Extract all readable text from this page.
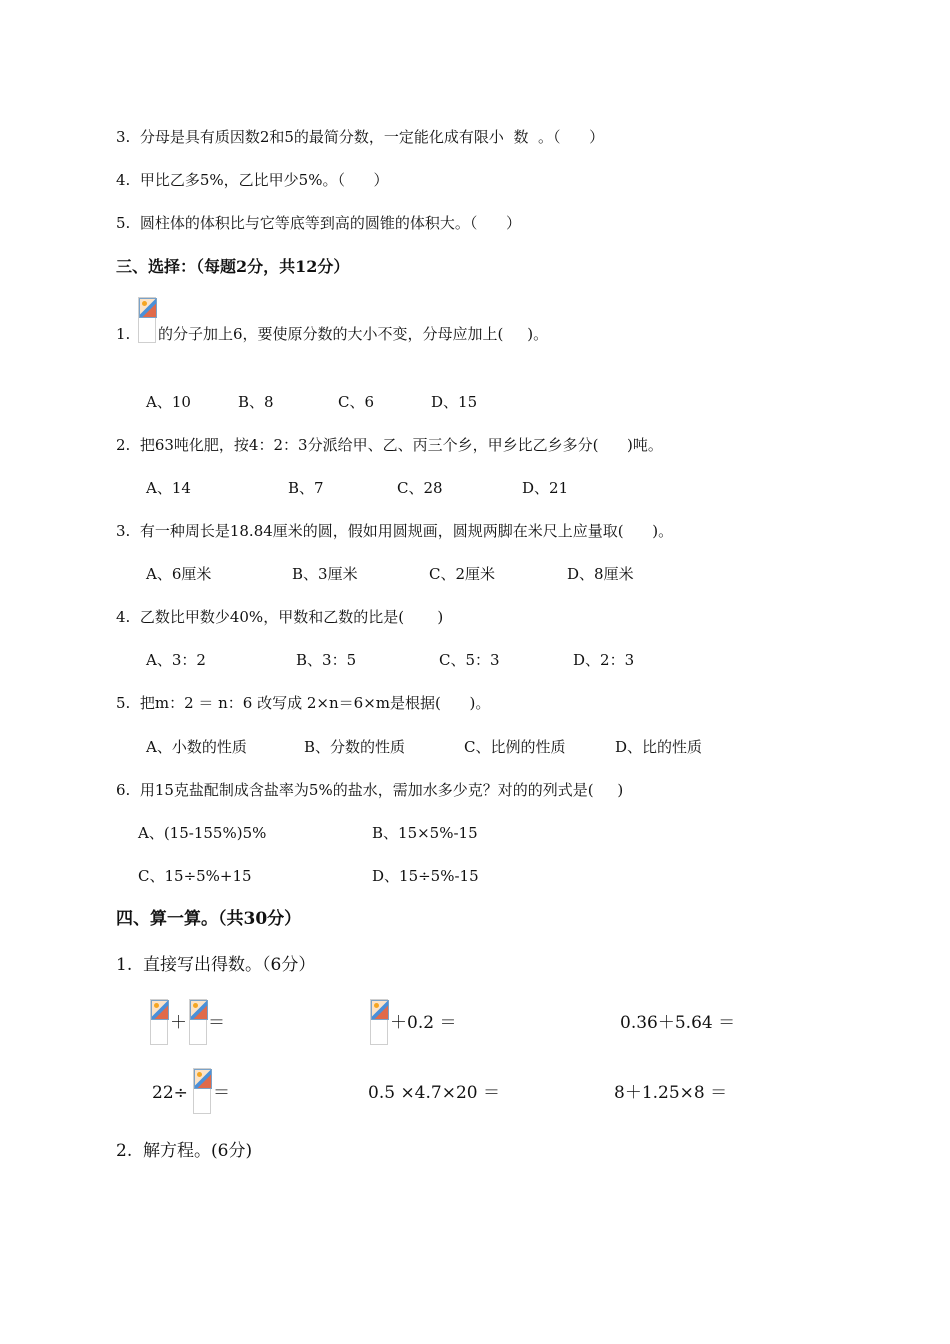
3.  分母是具有质因数2和5的最简分数，一定能化成有限小  数  。（      ）
4.  甲比乙多5%，乙比甲少5%。（      ）
5.  圆柱体的体积比与它等底等到高的圆锥的体积大。（      ）
三、选择：（每题2分，共12分）
1. 的分子加上6，要使原分数的大小不变，分母应加上(     )。
A、10	B、8	C、6	D、15
2.  把63吨化肥，按4：2：3分派给甲、乙、丙三个乡，甲乡比乙乡多分(      )吨。
A、14	B、7	C、28	D、21
3.  有一种周长是18.84厘米的圆，假如用圆规画，圆规两脚在米尺上应量取(      )。
A、6厘米	B、3厘米	C、2厘米	D、8厘米
4.  乙数比甲数少40%，甲数和乙数的比是(       )
A、3：2	B、3：5	C、5：3	D、2：3
5.  把m：2 ＝ n：6 改写成 2×n＝6×m是根据(      )。
A、小数的性质	B、分数的性质	C、比例的性质	D、比的性质
6.  用15克盐配制成含盐率为5%的盐水，需加水多少克？对的的列式是(     )
A、(15-155%)5%	B、15×5%-15
C、15÷5%+15	D、15÷5%-15
四、算一算。（共30分）
1.  直接写出得数。（6分）
＋ ＝	＋0.2 ＝	0.36＋5.64 ＝
22÷ ＝	0.5 ×4.7×20 ＝	8＋1.25×8 ＝
2.  解方程。(6分)
